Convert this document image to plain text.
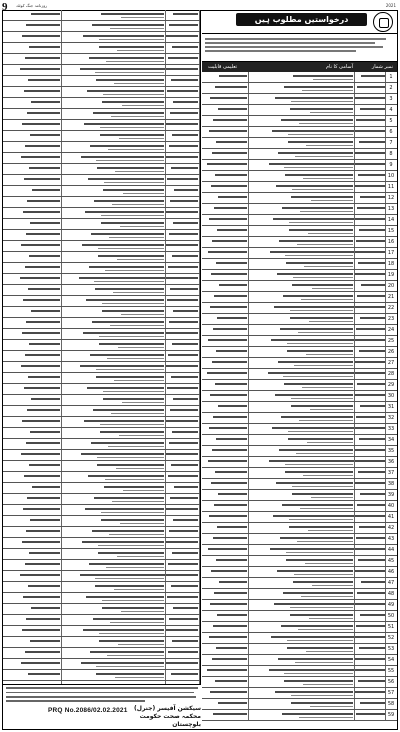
9 روزنامہ جنگ کوئٹہ	2021
درخواستیں مطلوب ہیں
نمبر شمار
آسامی کا نام
تعلیمی قابلیت
1
2
3
4
5
6
7
8
9
10
11
12
13
14
15
16
17
18
19
20
21
22
23
24
25
26
27
28
29
30
31
32
33
34
35
36
37
38
39
40
41
42
43
44
45
46
47
48
49
50
51
52
53
54
55
56
57
58
59
PRQ No.2086/02.02.2021	سیکشن آفیسر (جنرل)
محکمہ صحت حکومت بلوچستان
